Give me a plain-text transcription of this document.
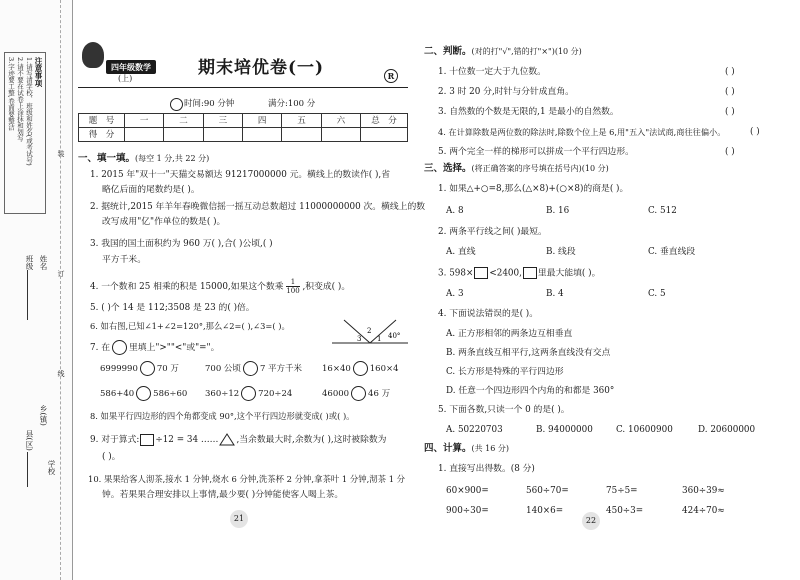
注意事项
1.请写清学校、班级和姓名(或考试号)
2.请不要在试卷上涂抹和划写
3.字迹要工整,卷面要整洁
班级 姓名
县(区)
乡(镇)
学校
装
订
线
四年级数学
(上)
期末培优卷(一)	R
时间:90 分钟	满分:100 分
题　号	一	二	三	四	五	六	总　分
得　分							
一、填一填。(每空 1 分,共 22 分)
1. 2015 年"双十一"天猫交易额达 91217000000 元。横线上的数读作( ),省
略亿后面的尾数约是( )。
2. 据统计,2015 年羊年春晚微信摇一摇互动总数超过 11000000000 次。横线上的数
改写成用"亿"作单位的数是( )。
3. 我国的国土面积约为 960 万( ),合( )公顷,( )
平方千米。
4. 一个数和 25 相乘的积是 15000,如果这个数乘 $\frac{1}{100}$ ,积变成( )。
5. ( )个 14 是 112;3508 是 23 的( )倍。
6. 如右图,已知∠1+∠2=120°,那么∠2=( ),∠3=( )。
3
2
1 40°
7. 在 里填上">""<"或"="。
6999990 70 万	700 公顷 7 平方千米 16×40 160×4
586+40 586÷60 360÷12 720÷24	46000 46 万
8. 如果平行四边形的四个角都变成 90°,这个平行四边形就变成( )或( )。
9. 对于算式: ÷12 = 34 …… ,当余数最大时,余数为( ),这时被除数为
( )。
10. 果果给客人沏茶,接水 1 分钟,烧水 6 分钟,洗茶杯 2 分钟,拿茶叶 1 分钟,沏茶 1 分
钟。若果果合理安排以上事情,最少要( )分钟能使客人喝上茶。
21
二、判断。(对的打"√",错的打"×")(10 分)
1. 十位数一定大于九位数。	( )
2. 3 时 20 分,时针与分针成直角。	( )
3. 自然数的个数是无限的,1 是最小的自然数。	( )
4. 在计算除数是两位数的除法时,除数个位上是 6,用"五入"法试商,商往往偏小。	( )
5. 两个完全一样的梯形可以拼成一个平行四边形。	( )
三、选择。(将正确答案的序号填在括号内)(10 分)
1. 如果△+○=8,那么(△×8)+(○×8)的商是( )。
A. 8	B. 16	C. 512
2. 两条平行线之间( )最短。
A. 直线	B. 线段	C. 垂直线段
3. 598× <2400, 里最大能填( )。
A. 3	B. 4	C. 5
4. 下面说法错误的是( )。
A. 正方形相邻的两条边互相垂直
B. 两条直线互相平行,这两条直线没有交点
C. 长方形是特殊的平行四边形
D. 任意一个四边形四个内角的和都是 360°
5. 下面各数,只读一个 0 的是( )。
A. 50220703	B. 94000000	C. 10600900	D. 20600000
四、计算。(共 16 分)
1. 直接写出得数。(8 分)
60×900=	560÷70=	75÷5=	360÷39≈
900÷30=	140×6=	450÷3=	424÷70≈
22
